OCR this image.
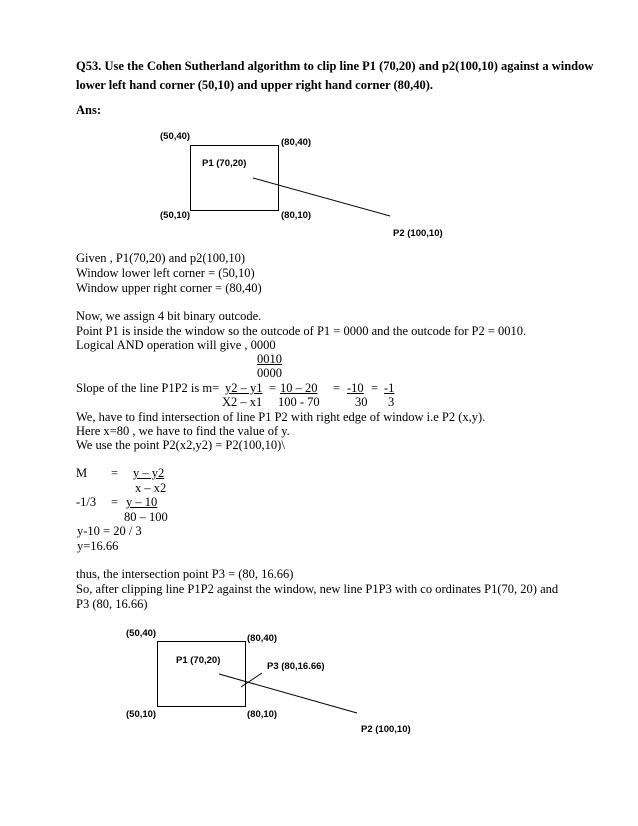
Q53. Use the Cohen Sutherland algorithm to clip line P1 (70,20) and p2(100,10) against a window lower left hand corner (50,10) and upper right hand corner (80,40).
Ans:
(50,40)
(80,40)
P1 (70,20)
(50,10)	(80,10)
P2 (100,10)
Given , P1(70,20) and p2(100,10)
Window lower left corner = (50,10)
Window upper right corner = (80,40)
Now, we assign 4 bit binary outcode.
Point P1 is inside the window so the outcode of P1 = 0000 and the outcode for P2 = 0010.
Logical AND operation will give , 0000
0010
0000
Slope of the line P1P2 is m= y2 – y1 = 10 – 20 = -10 = -1
X2 – x1 100 - 70	30 3
We, have to find intersection of line P1 P2 with right edge of window i.e P2 (x,y).
Here x=80 , we have to find the value of y.
We use the point P2(x2,y2) = P2(100,10)\
M = y – y2
x – x2
-1/3 = y – 10
80 – 100
y-10 = 20 / 3
y=16.66
thus, the intersection point P3 = (80, 16.66)
So, after clipping line P1P2 against the window, new line P1P3 with co ordinates P1(70, 20) and
P3 (80, 16.66)
(50,40)	(80,40)
P1 (70,20)
P3 (80,16.66)
(50,10)	(80,10)
P2 (100,10)
